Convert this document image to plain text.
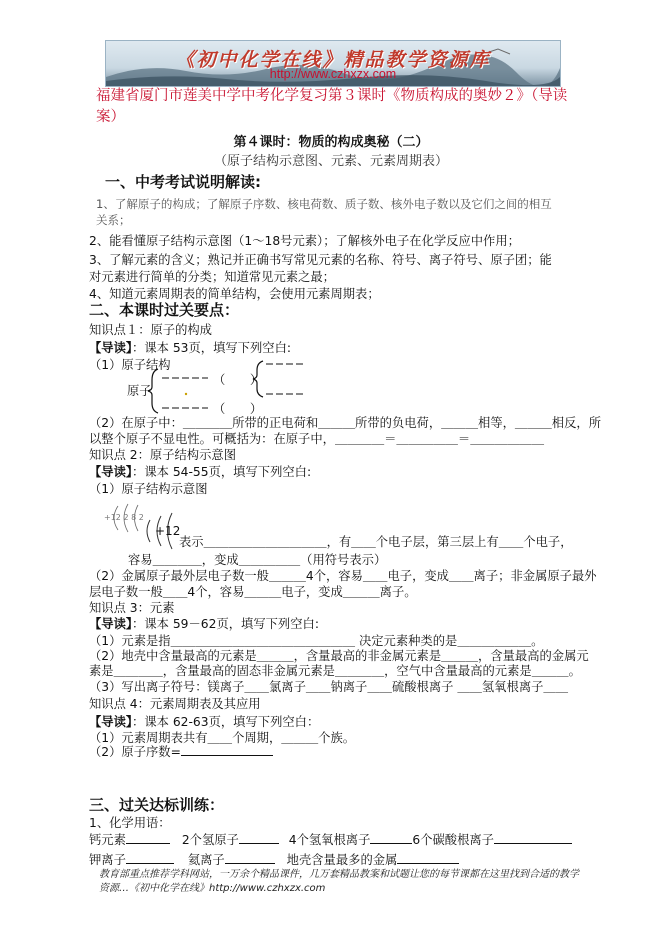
《初中化学在线》精品教学资源库
http://www.czhxzx.com
福建省厦门市莲美中学中考化学复习第３课时《物质构成的奥妙２》（导读案）
第４课时：物质的构成奥秘（二）
（原子结构示意图、元素、元素周期表）
一、中考考试说明解读:
1、了解原子的构成；了解原子序数、核电荷数、质子数、核外电子数以及它们之间的相互
关系；
2、能看懂原子结构示意图（1～18号元素）；了解核外电子在化学反应中作用；
3、了解元素的含义；熟记并正确书写常见元素的名称、符号、离子符号、原子团；能
对元素进行简单的分类；知道常见元素之最；
4、知道元素周期表的简单结构，会使用元素周期表；
二、本课时过关要点：
知识点１：原子的构成
【导读】：课本 53页，填写下列空白:
（1）原子结构
原子
（　　）
（　　）
（2）在原子中：＿＿＿＿所带的正电荷和＿＿＿所带的负电荷，＿＿＿相等，＿＿＿相反，所
以整个原子不显电性。可概括为：在原子中，＿＿＿＿＝＿＿＿＿＿＝＿＿＿＿＿＿
知识点 2：原子结构示意图
【导读】：课本 54-55页，填写下列空白:
（1）原子结构示意图
+12 2 8 2
+12
表示＿＿＿＿＿＿＿＿＿＿，有＿＿个电子层，第三层上有＿＿个电子，
容易＿＿＿＿，变成＿＿＿＿＿（用符号表示）
（2）金属原子最外层电子数一般＿＿＿4个，容易＿＿电子，变成＿＿离子；非金属原子最外
层电子数一般＿＿4个，容易＿＿＿电子，变成＿＿＿离子。
知识点 3：元素
【导读】：课本 59－62页，填写下列空白:
（1）元素是指＿＿＿＿＿＿＿＿＿＿＿＿＿＿＿ 决定元素种类的是＿＿＿＿＿＿。
（2）地壳中含量最高的元素是＿＿＿，含量最高的非金属元素是＿＿＿，含量最高的金属元
素是＿＿＿＿，含量最高的固态非金属元素是＿＿＿＿，空气中含量最高的元素是＿＿＿。
（3）写出离子符号：镁离子＿＿氯离子＿＿钠离子＿＿硫酸根离子 ＿＿氢氧根离子＿＿
知识点 4：元素周期表及其应用
【导读】：课本 62-63页，填写下列空白：
（1）元素周期表共有＿＿个周期，＿＿＿个族。
（2）原子序数=
三、过关达标训练：
1、化学用语：
钙元素	2个氢原子	4个氢氧根离子	6个碳酸根离子
钾离子	氦离子	地壳含量最多的金属
教育部重点推荐学科网站，一万余个精品课件，几万套精品教案和试题让您的每节课都在这里找到合适的教学
资源…《初中化学在线》http://www.czhxzx.com
